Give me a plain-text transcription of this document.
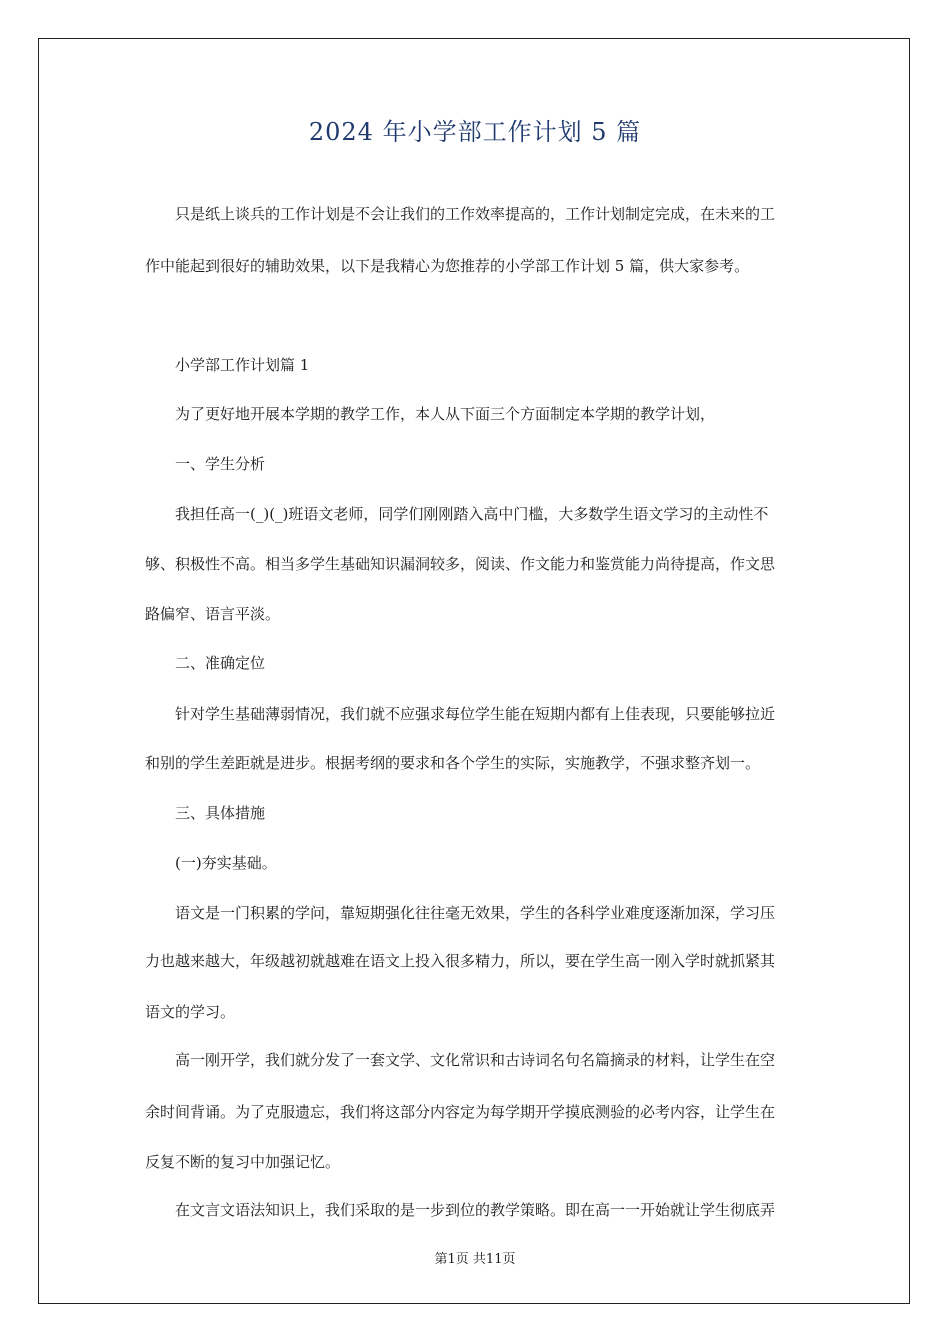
2024 年小学部工作计划 5 篇

只是纸上谈兵的工作计划是不会让我们的工作效率提高的，工作计划制定完成，在未来的工

作中能起到很好的辅助效果，以下是我精心为您推荐的小学部工作计划 5 篇，供大家参考。

小学部工作计划篇 1

为了更好地开展本学期的教学工作，本人从下面三个方面制定本学期的教学计划，

一、学生分析

我担任高一(_)(_)班语文老师，同学们刚刚踏入高中门槛，大多数学生语文学习的主动性不

够、积极性不高。相当多学生基础知识漏洞较多，阅读、作文能力和鉴赏能力尚待提高，作文思

路偏窄、语言平淡。

二、准确定位

针对学生基础薄弱情况，我们就不应强求每位学生能在短期内都有上佳表现，只要能够拉近

和别的学生差距就是进步。根据考纲的要求和各个学生的实际，实施教学，不强求整齐划一。

三、具体措施

(一)夯实基础。

语文是一门积累的学问，靠短期强化往往毫无效果，学生的各科学业难度逐渐加深，学习压

力也越来越大，年级越初就越难在语文上投入很多精力，所以，要在学生高一刚入学时就抓紧其

语文的学习。

高一刚开学，我们就分发了一套文学、文化常识和古诗词名句名篇摘录的材料，让学生在空

余时间背诵。为了克服遗忘，我们将这部分内容定为每学期开学摸底测验的必考内容，让学生在

反复不断的复习中加强记忆。

在文言文语法知识上，我们采取的是一步到位的教学策略。即在高一一开始就让学生彻底弄

第1页 共11页
